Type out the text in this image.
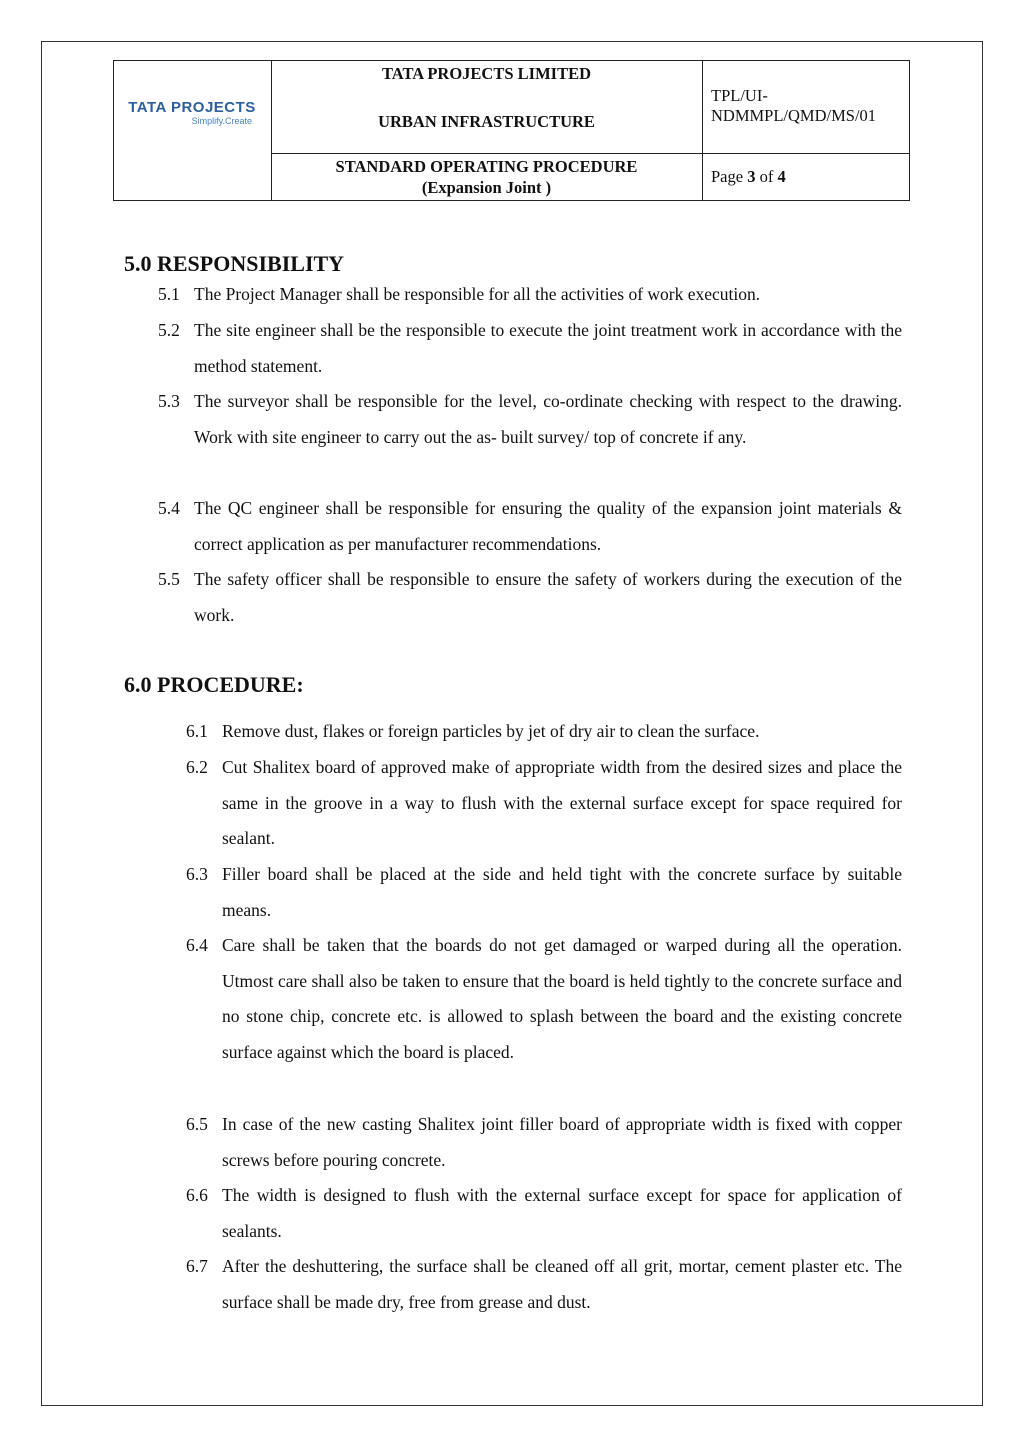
TATA PROJECTS
Simplify.Create
TATA PROJECTS LIMITED
URBAN INFRASTRUCTURE
TPL/UI-
NDMMPL/QMD/MS/01
STANDARD OPERATING PROCEDURE
(Expansion Joint )
Page 3 of 4
5.0 RESPONSIBILITY
5.1 The Project Manager shall be responsible for all the activities of work execution.
5.2 The site engineer shall be the responsible to execute the joint treatment work in accordance with the method statement.
5.3 The surveyor shall be responsible for the level, co-ordinate checking with respect to the drawing. Work with site engineer to carry out the as- built survey/ top of concrete if any.
5.4 The QC engineer shall be responsible for ensuring the quality of the expansion joint materials & correct application as per manufacturer recommendations.
5.5 The safety officer shall be responsible to ensure the safety of workers during the execution of the work.
6.0 PROCEDURE:
6.1 Remove dust, flakes or foreign particles by jet of dry air to clean the surface.
6.2 Cut Shalitex board of approved make of appropriate width from the desired sizes and place the same in the groove in a way to flush with the external surface except for space required for sealant.
6.3 Filler board shall be placed at the side and held tight with the concrete surface by suitable means.
6.4 Care shall be taken that the boards do not get damaged or warped during all the operation. Utmost care shall also be taken to ensure that the board is held tightly to the concrete surface and no stone chip, concrete etc. is allowed to splash between the board and the existing concrete surface against which the board is placed.
6.5 In case of the new casting Shalitex joint filler board of appropriate width is fixed with copper screws before pouring concrete.
6.6 The width is designed to flush with the external surface except for space for application of sealants.
6.7 After the deshuttering, the surface shall be cleaned off all grit, mortar, cement plaster etc. The surface shall be made dry, free from grease and dust.
